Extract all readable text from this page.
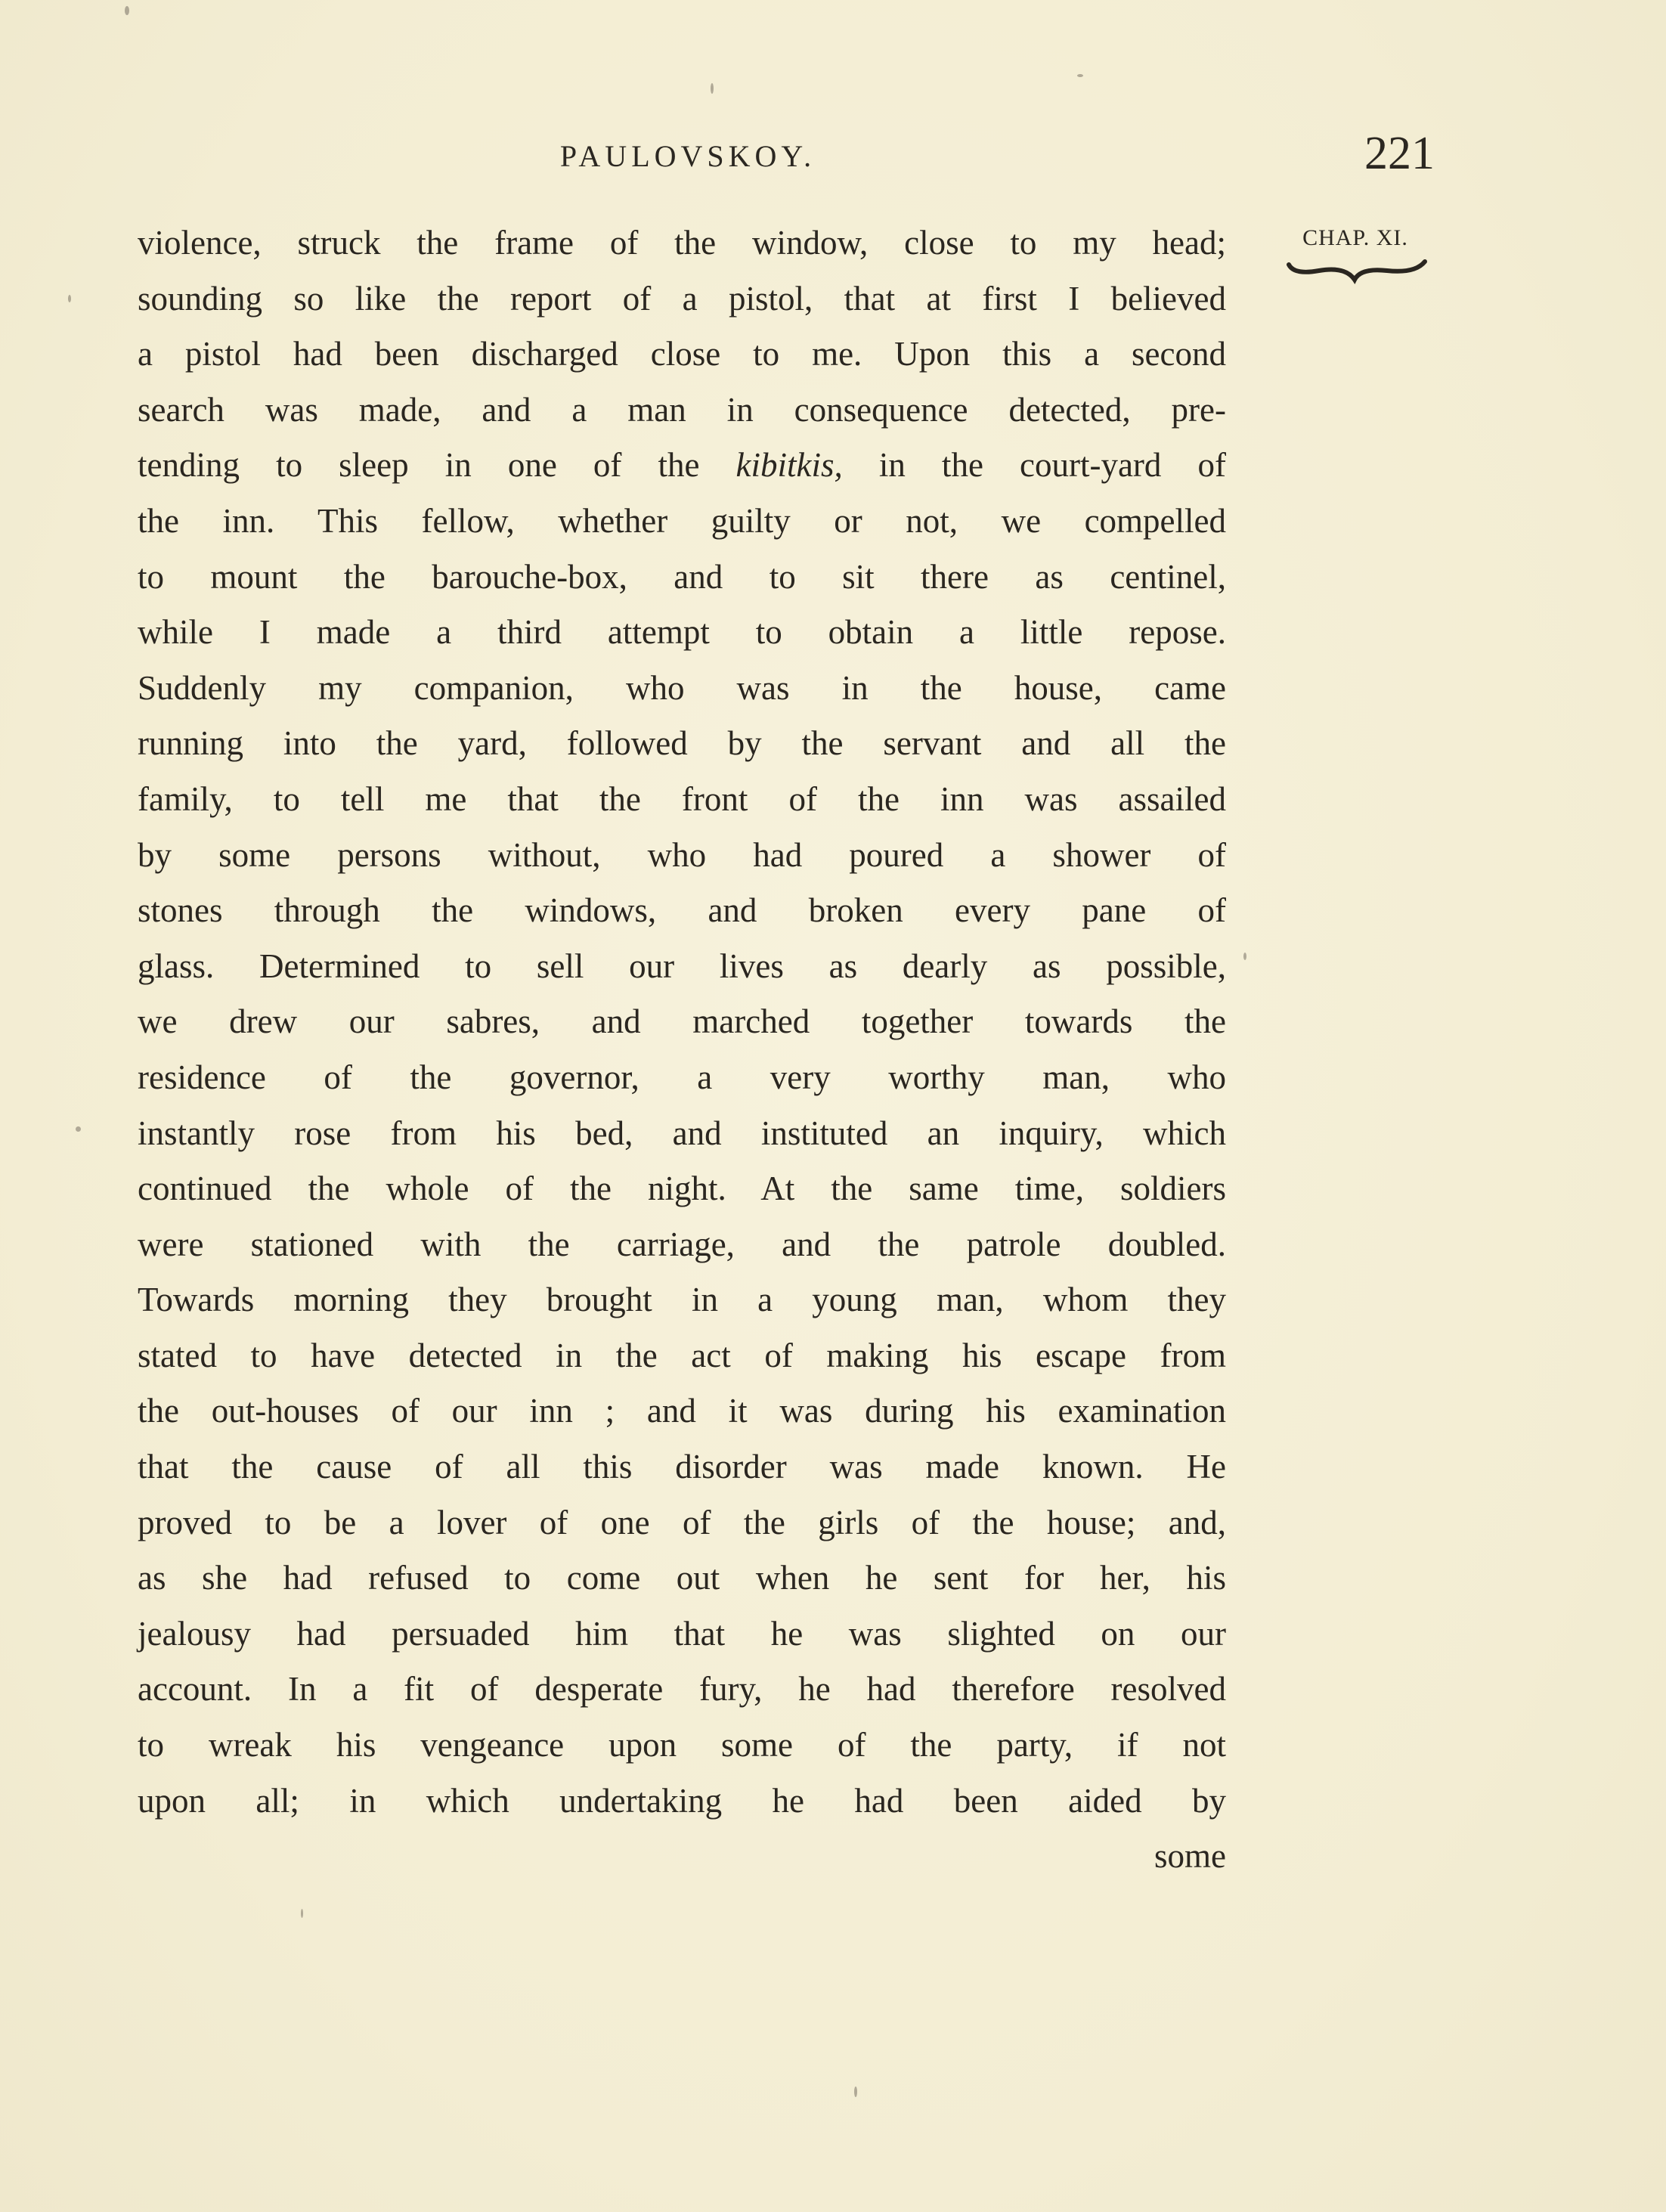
PAULOVSKOY.	221
CHAP. XI.
violence, struck the frame of the window, close to my head;
sounding so like the report of a pistol, that at first I believed
a pistol had been discharged close to me. Upon this a second
search was made, and a man in consequence detected, pre-
tending to sleep in one of the kibitkis, in the court-yard of
the inn. This fellow, whether guilty or not, we compelled
to mount the barouche-box, and to sit there as centinel,
while I made a third attempt to obtain a little repose.
Suddenly my companion, who was in the house, came
running into the yard, followed by the servant and all the
family, to tell me that the front of the inn was assailed
by some persons without, who had poured a shower of
stones through the windows, and broken every pane of
glass. Determined to sell our lives as dearly as possible,
we drew our sabres, and marched together towards the
residence of the governor, a very worthy man, who
instantly rose from his bed, and instituted an inquiry, which
continued the whole of the night. At the same time, soldiers
were stationed with the carriage, and the patrole doubled.
Towards morning they brought in a young man, whom they
stated to have detected in the act of making his escape from
the out-houses of our inn ; and it was during his examination
that the cause of all this disorder was made known. He
proved to be a lover of one of the girls of the house; and,
as she had refused to come out when he sent for her, his
jealousy had persuaded him that he was slighted on our
account. In a fit of desperate fury, he had therefore resolved
to wreak his vengeance upon some of the party, if not
upon all; in which undertaking he had been aided by
some
